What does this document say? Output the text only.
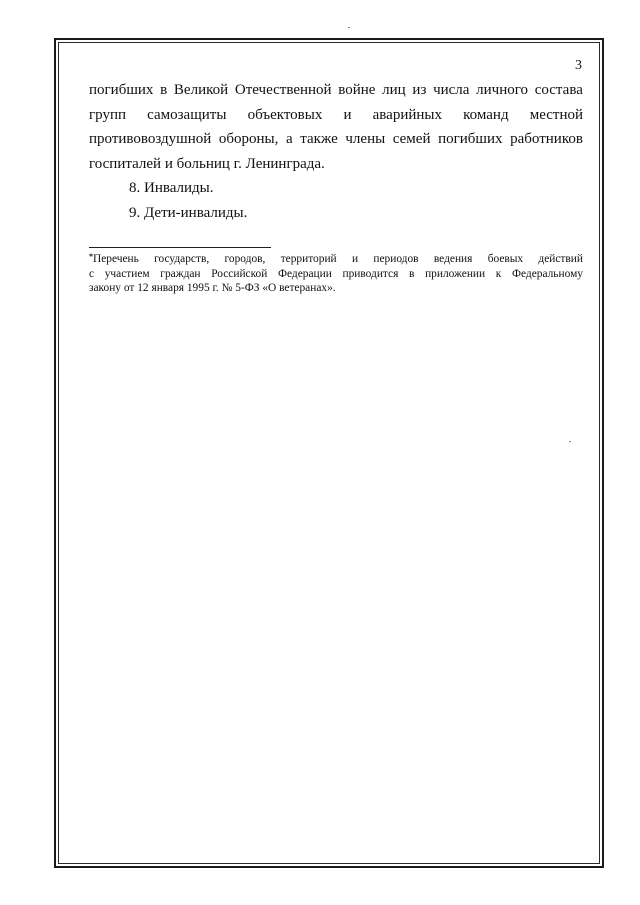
3
погибших в Великой Отечественной войне лиц из числа личного состава
групп самозащиты объектовых и аварийных команд местной
противовоздушной обороны, а также члены семей погибших работников
госпиталей и больниц г. Ленинграда.
8. Инвалиды.
9. Дети-инвалиды.
*Перечень государств, городов, территорий и периодов ведения боевых действий
с участием граждан Российской Федерации приводится в приложении к Федеральному
закону от 12 января 1995 г. № 5-ФЗ «О ветеранах».
